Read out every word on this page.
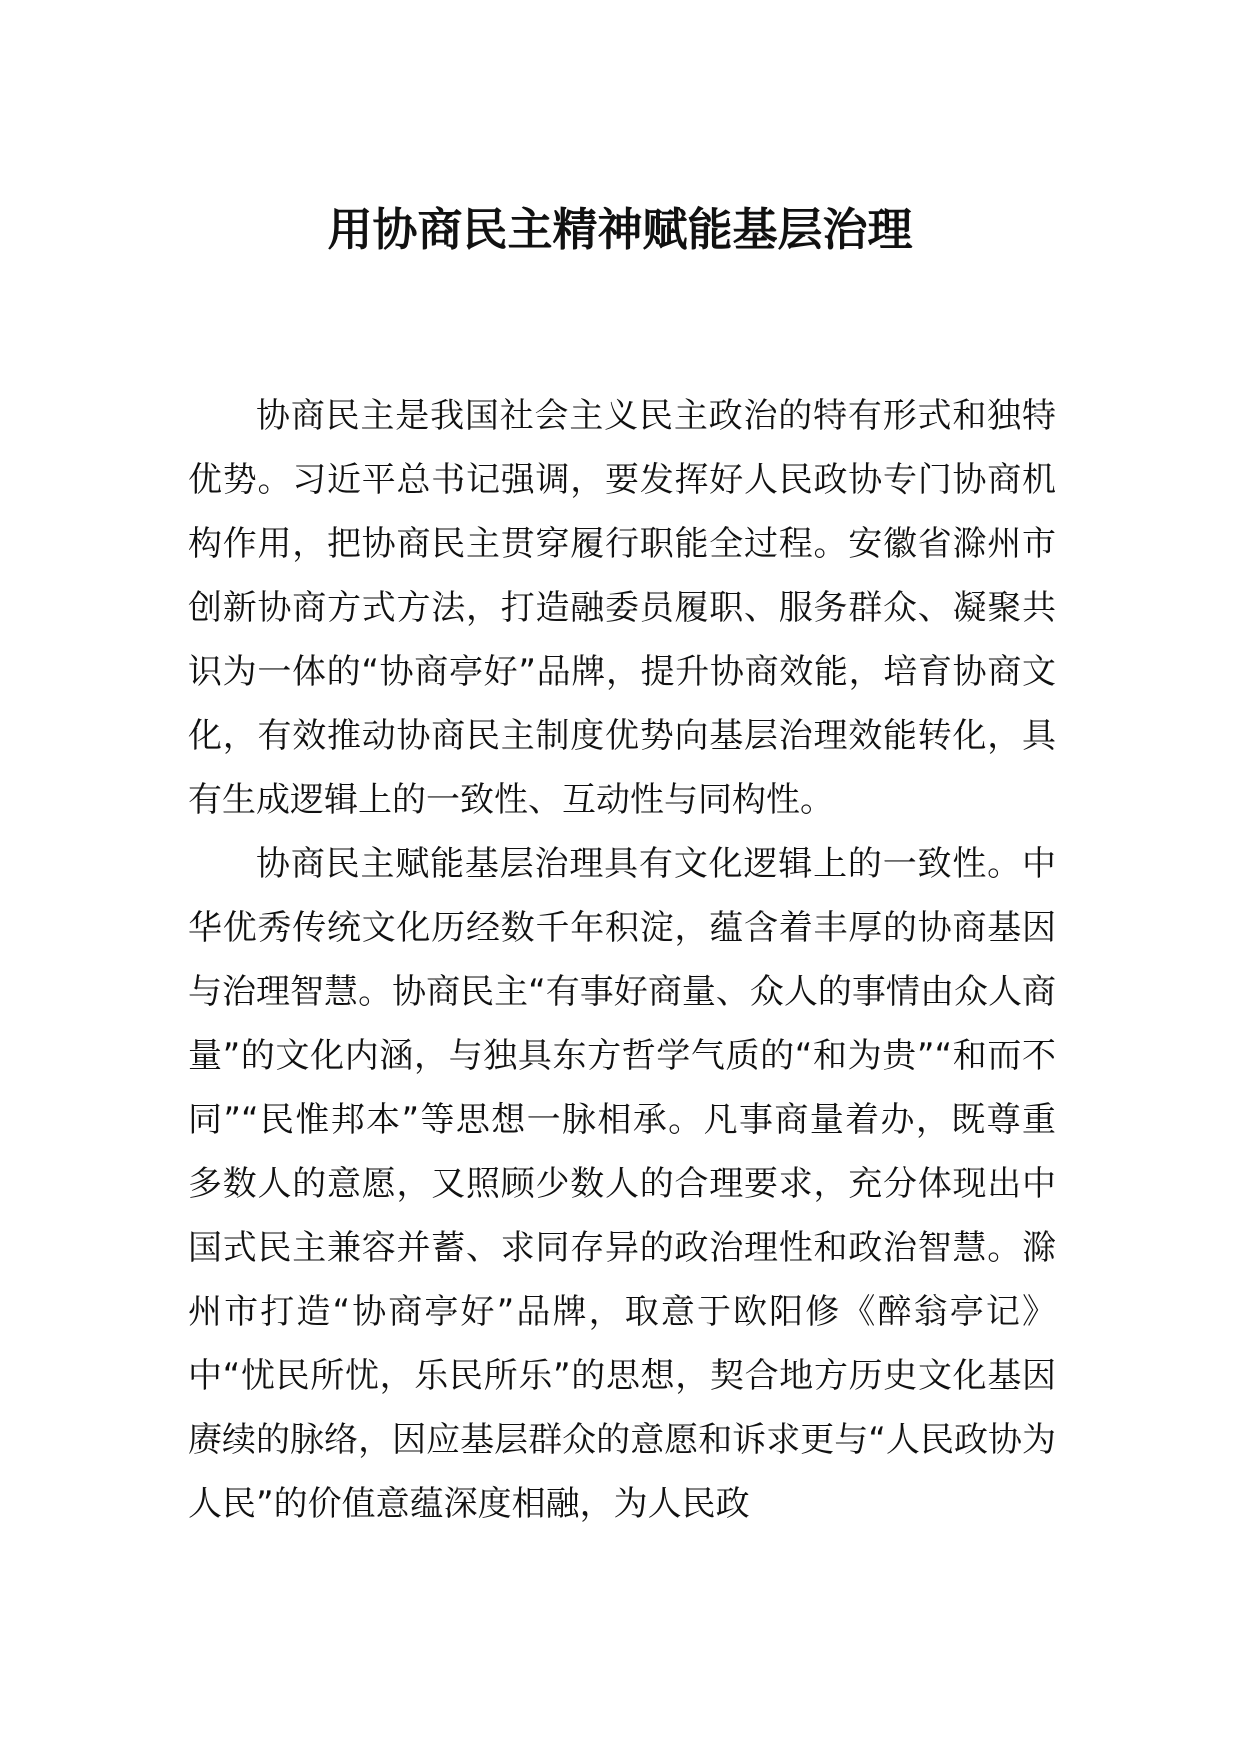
用协商民主精神赋能基层治理

协商民主是我国社会主义民主政治的特有形式和独特优势。习近平总书记强调，要发挥好人民政协专门协商机构作用，把协商民主贯穿履行职能全过程。安徽省滁州市创新协商方式方法，打造融委员履职、服务群众、凝聚共识为一体的“协商亭好”品牌，提升协商效能，培育协商文化，有效推动协商民主制度优势向基层治理效能转化，具有生成逻辑上的一致性、互动性与同构性。

协商民主赋能基层治理具有文化逻辑上的一致性。中华优秀传统文化历经数千年积淀，蕴含着丰厚的协商基因与治理智慧。协商民主“有事好商量、众人的事情由众人商量”的文化内涵，与独具东方哲学气质的“和为贵”“和而不同”“民惟邦本”等思想一脉相承。凡事商量着办，既尊重多数人的意愿，又照顾少数人的合理要求，充分体现出中国式民主兼容并蓄、求同存异的政治理性和政治智慧。滁州市打造“协商亭好”品牌，取意于欧阳修《醉翁亭记》中“忧民所忧，乐民所乐”的思想，契合地方历史文化基因赓续的脉络，因应基层群众的意愿和诉求更与“人民政协为人民”的价值意蕴深度相融，为人民政
